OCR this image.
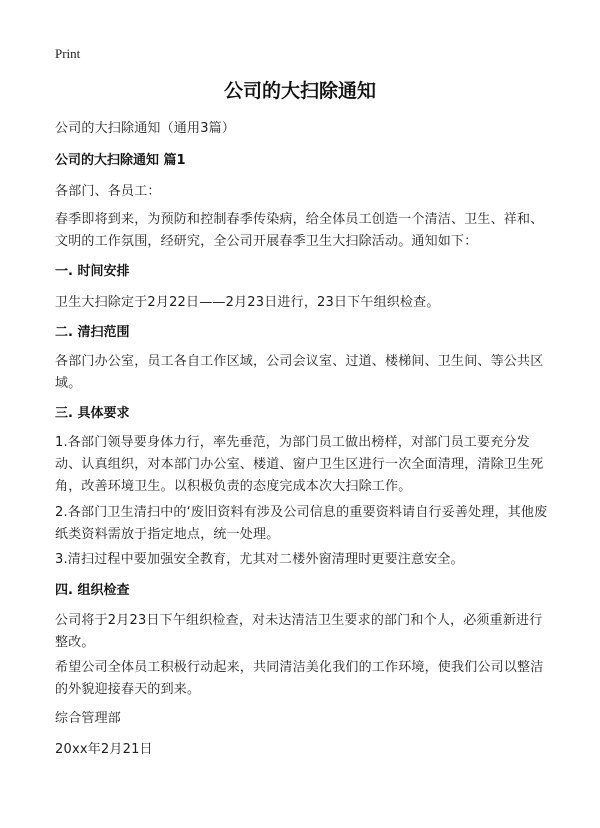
Print
公司的大扫除通知
公司的大扫除通知（通用3篇）
公司的大扫除通知 篇1
各部门、各员工：
春季即将到来，为预防和控制春季传染病，给全体员工创造一个清洁、卫生、祥和、文明的工作氛围，经研究，全公司开展春季卫生大扫除活动。通知如下：
一. 时间安排
卫生大扫除定于2月22日——2月23日进行，23日下午组织检查。
二. 清扫范围
各部门办公室，员工各自工作区域，公司会议室、过道、楼梯间、卫生间、等公共区域。
三. 具体要求
1.各部门领导要身体力行，率先垂范，为部门员工做出榜样，对部门员工要充分发动、认真组织，对本部门办公室、楼道、窗户卫生区进行一次全面清理，清除卫生死角，改善环境卫生。以积极负责的态度完成本次大扫除工作。
2.各部门卫生清扫中的‘废旧资料有涉及公司信息的重要资料请自行妥善处理，其他废纸类资料需放于指定地点，统一处理。
3.清扫过程中要加强安全教育，尤其对二楼外窗清理时更要注意安全。
四. 组织检查
公司将于2月23日下午组织检查，对未达清洁卫生要求的部门和个人，必须重新进行整改。
希望公司全体员工积极行动起来，共同清洁美化我们的工作环境，使我们公司以整洁的外貌迎接春天的到来。
综合管理部
20xx年2月21日
